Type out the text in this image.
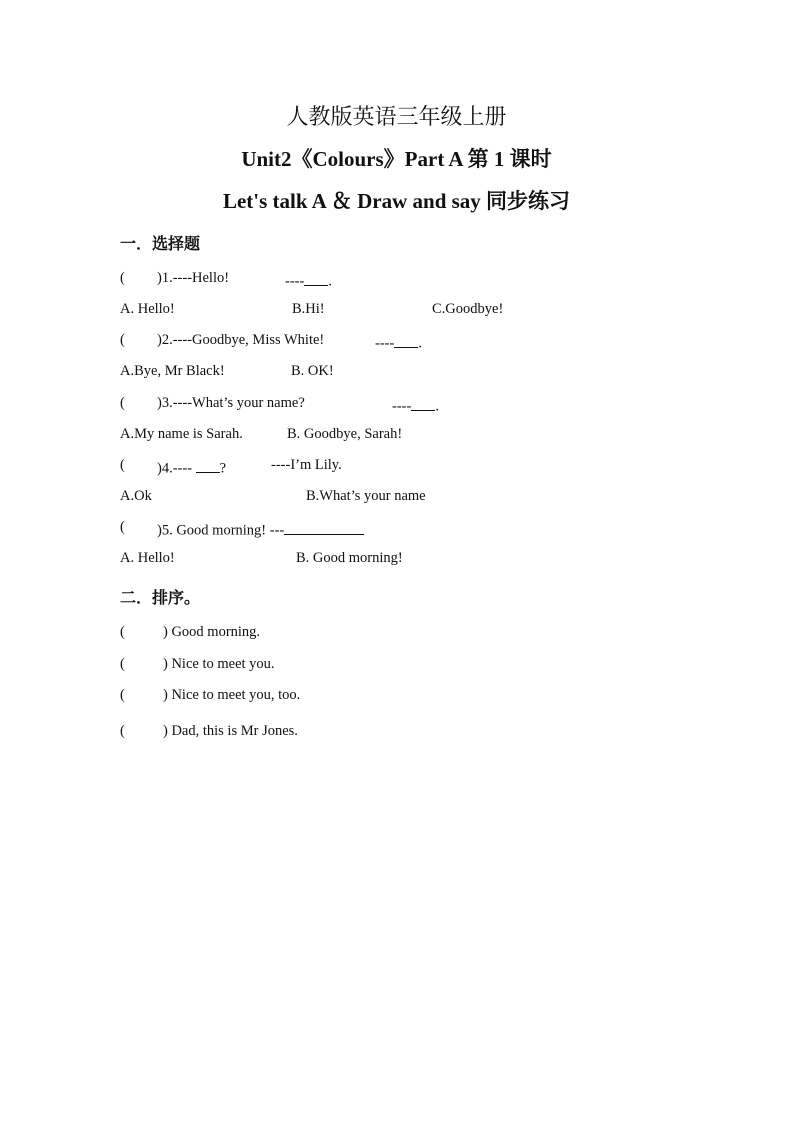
人教版英语三年级上册
Unit2《Colours》Part A 第 1 课时
Let's talk A ＆ Draw and say 同步练习
一．选择题
( )1.----Hello!	---- .
A. Hello!	B.Hi!	C.Goodbye!
( )2.----Goodbye, Miss White!	---- .
A.Bye, Mr Black!	B. OK!
( )3.----What’s your name?	---- .
A.My name is Sarah.	B. Goodbye, Sarah!
( )4.---- ?	----I’m Lily.
A.Ok	B.What’s your name
( )5. Good morning! ---
A. Hello!	B. Good morning!
二．排序。
(	) Good morning.
(	) Nice to meet you.
(	) Nice to meet you, too.
(	) Dad, this is Mr Jones.
